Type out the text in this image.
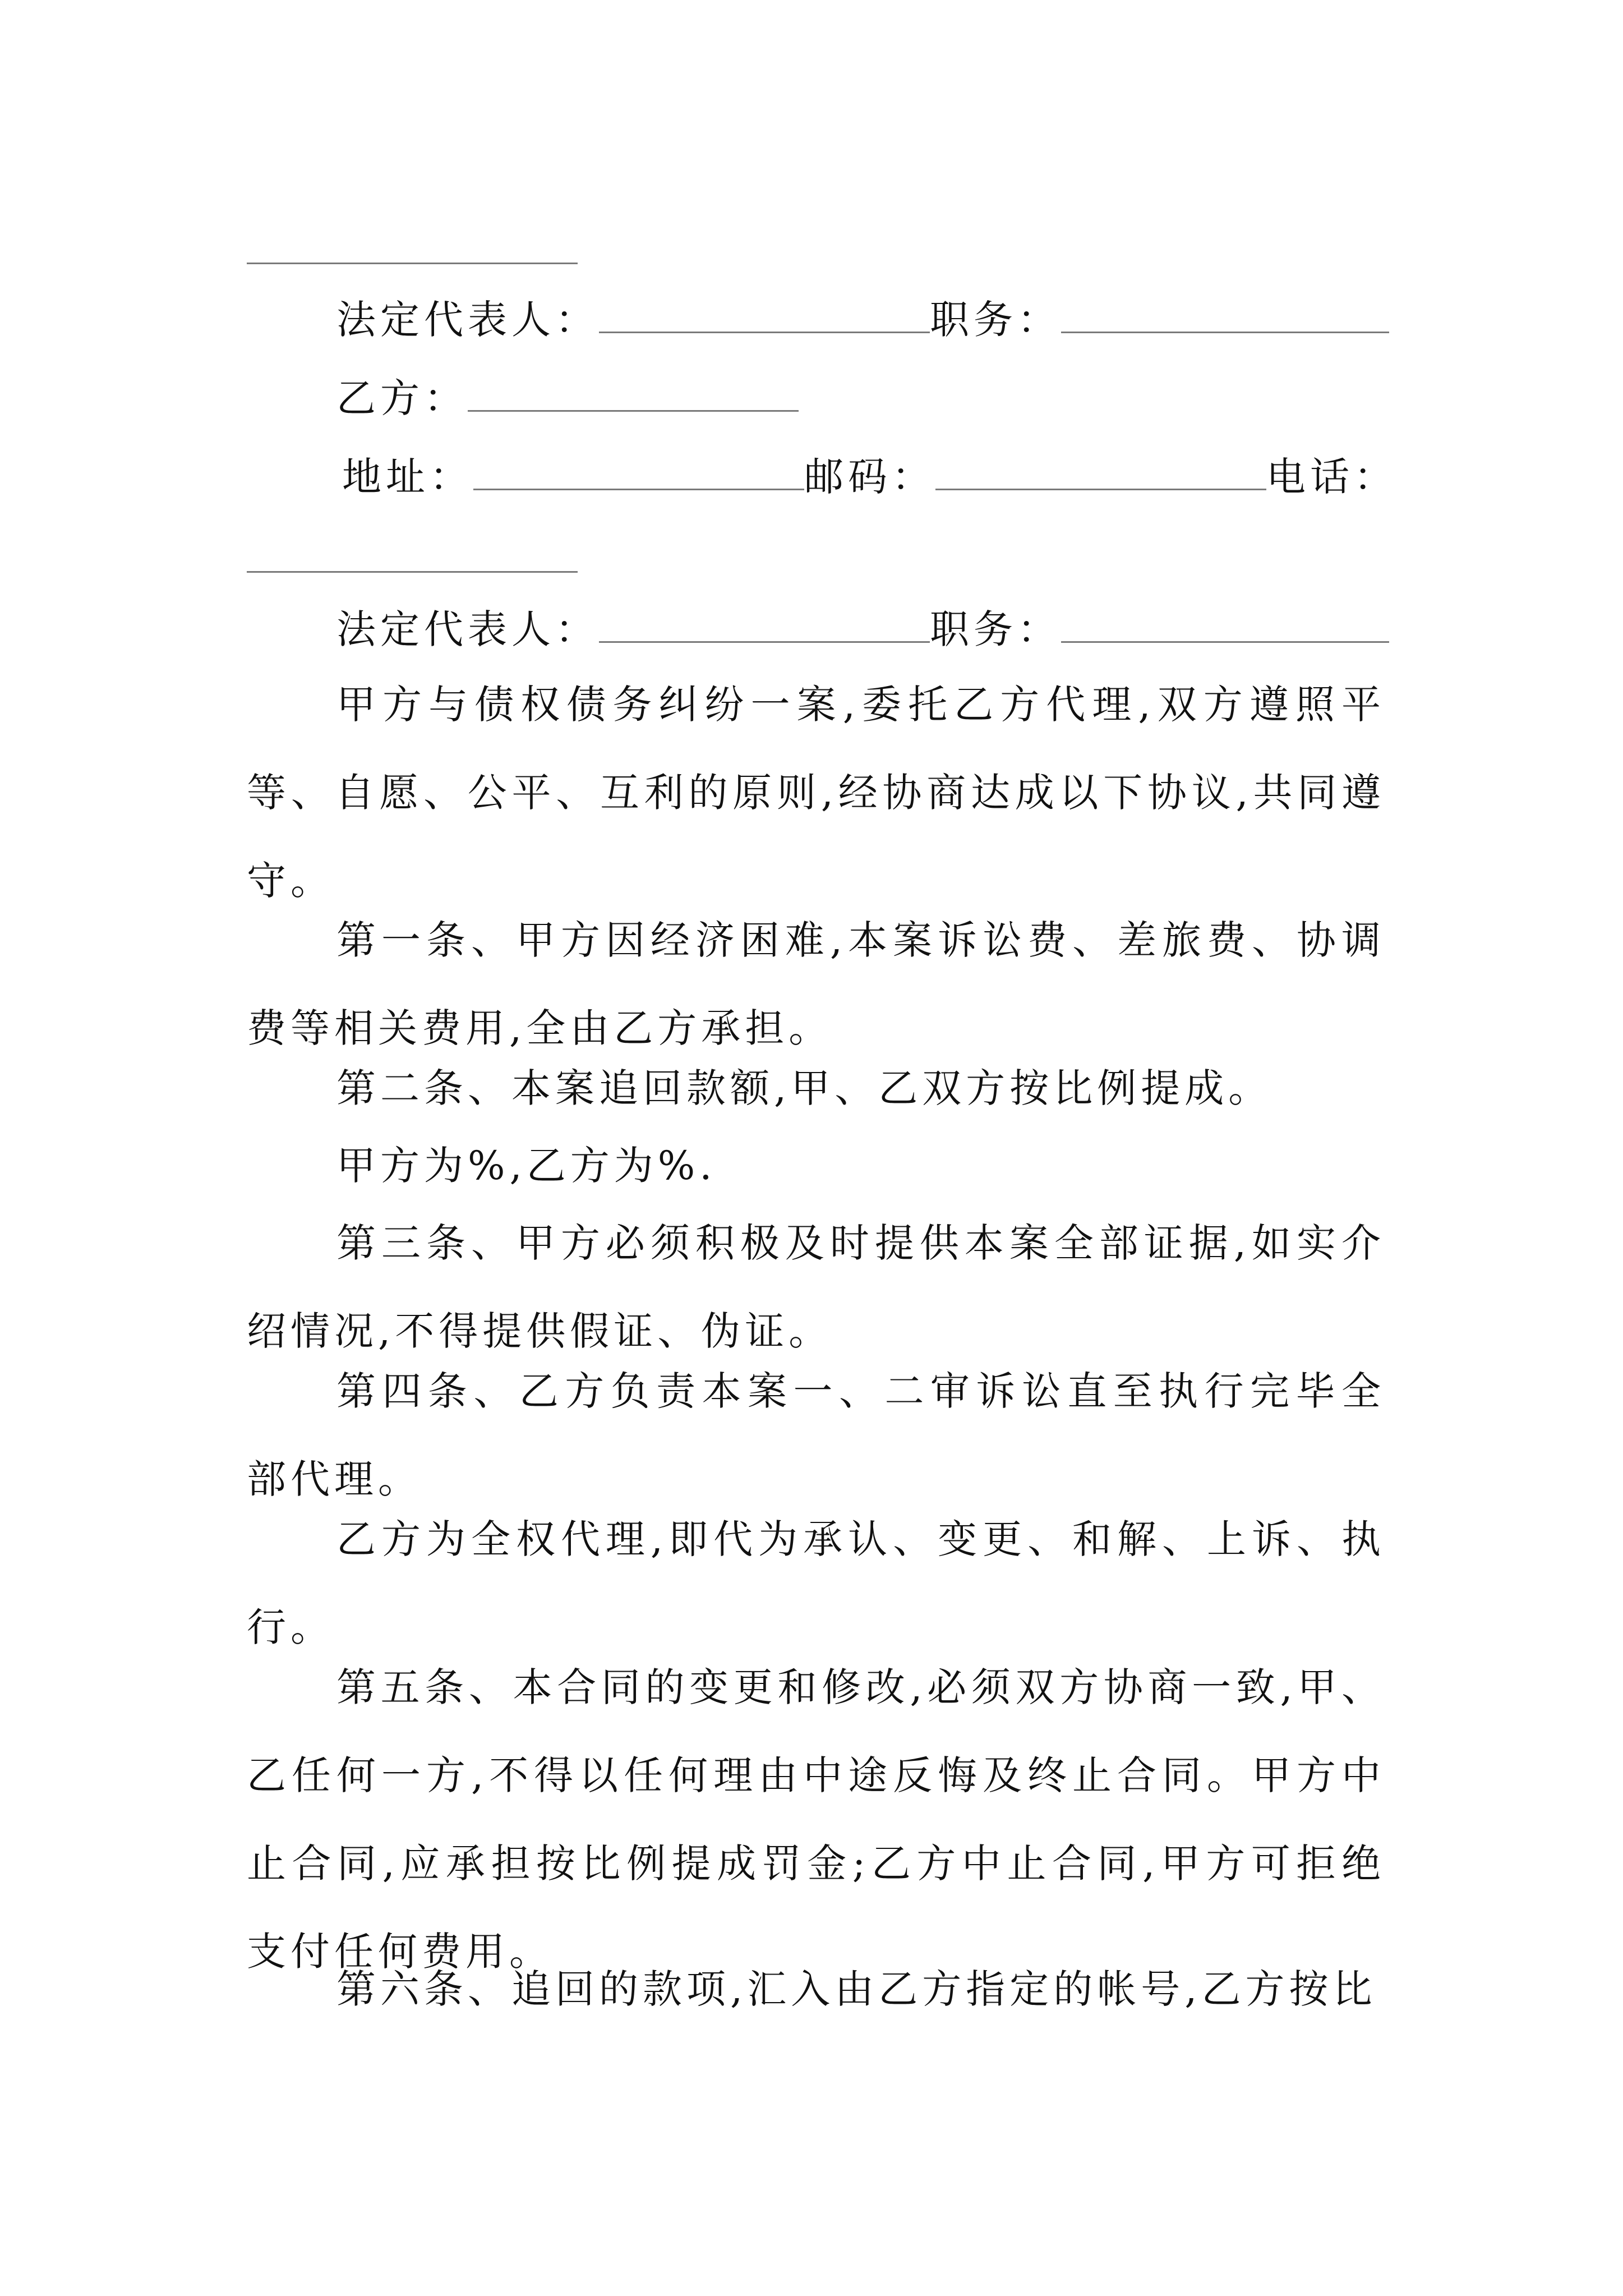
法定代表人：	职务：
乙方：
地址：	邮码：	电话：
法定代表人：	职务：

甲方与债权债务纠纷一案,委托乙方代理,双方遵照平等、自愿、公平、互利的原则,经协商达成以下协议,共同遵守。

第一条、甲方因经济困难,本案诉讼费、差旅费、协调费等相关费用,全由乙方承担。

第二条、本案追回款额,甲、乙双方按比例提成。

甲方为%,乙方为%.

第三条、甲方必须积极及时提供本案全部证据,如实介绍情况,不得提供假证、伪证。

第四条、乙方负责本案一、二审诉讼直至执行完毕全部代理。

乙方为全权代理,即代为承认、变更、和解、上诉、执行。

第五条、本合同的变更和修改,必须双方协商一致,甲、乙任何一方,不得以任何理由中途反悔及终止合同。甲方中止合同,应承担按比例提成罚金;乙方中止合同,甲方可拒绝支付任何费用。

第六条、追回的款项,汇入由乙方指定的帐号,乙方按比
